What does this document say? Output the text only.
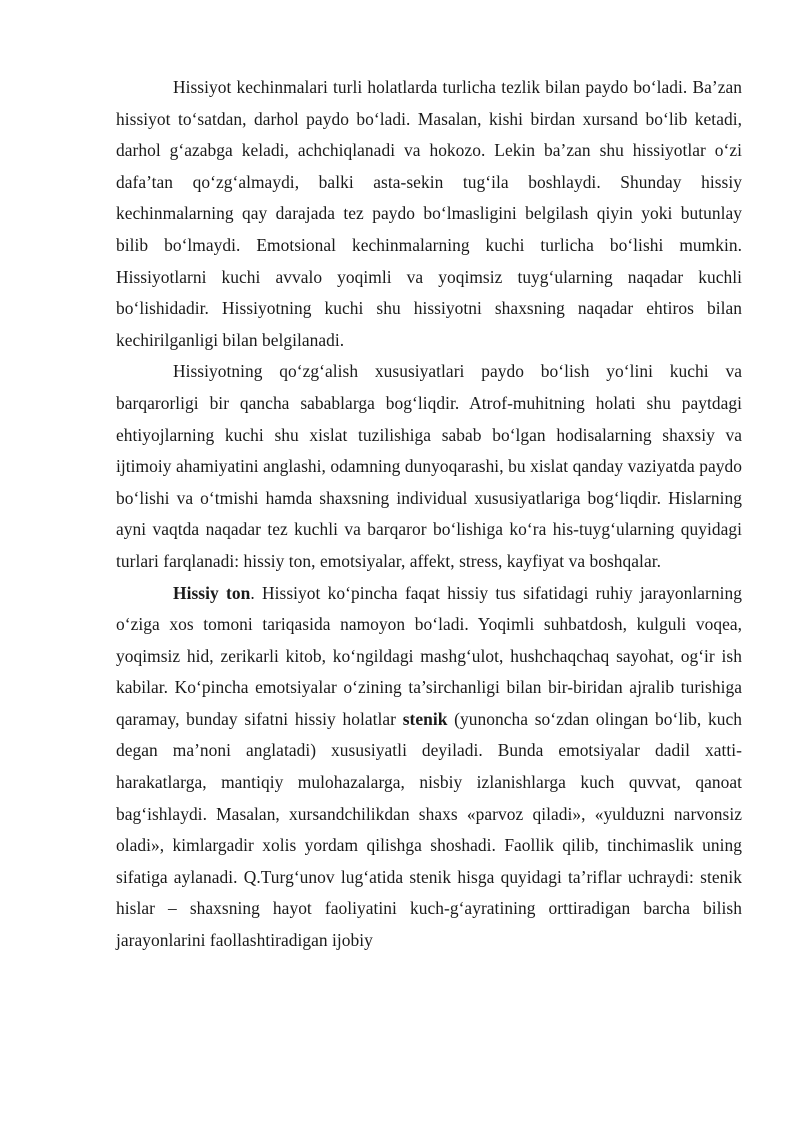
Hissiyot kechinmalari turli holatlarda turlicha tezlik bilan paydo bo‘ladi. Ba’zan hissiyot to‘satdan, darhol paydo bo‘ladi. Masalan, kishi birdan xursand bo‘lib ketadi, darhol g‘azabga keladi, achchiqlanadi va hokozo. Lekin ba’zan shu hissiyotlar o‘zi dafa’tan qo‘zg‘almaydi, balki asta-sekin tug‘ila boshlaydi. Shunday hissiy kechinmalarning qay darajada tez paydo bo‘lmasligini belgilash qiyin yoki butunlay bilib bo‘lmaydi. Emotsional kechinmalarning kuchi turlicha bo‘lishi mumkin. Hissiyotlarni kuchi avvalo yoqimli va yoqimsiz tuyg‘ularning naqadar kuchli bo‘lishidadir. Hissiyotning kuchi shu hissiyotni shaxsning naqadar ehtiros bilan kechirilganligi bilan belgilanadi.

Hissiyotning qo‘zg‘alish xususiyatlari paydo bo‘lish yo‘lini kuchi va barqarorligi bir qancha sabablarga bog‘liqdir. Atrof-muhitning holati shu paytdagi ehtiyojlarning kuchi shu xislat tuzilishiga sabab bo‘lgan hodisalarning shaxsiy va ijtimoiy ahamiyatini anglashi, odamning dunyoqarashi, bu xislat qanday vaziyatda paydo bo‘lishi va o‘tmishi hamda shaxsning individual xususiyatlariga bog‘liqdir. Hislarning ayni vaqtda naqadar tez kuchli va barqaror bo‘lishiga ko‘ra his-tuyg‘ularning quyidagi turlari farqlanadi: hissiy ton, emotsiyalar, affekt, stress, kayfiyat va boshqalar.

Hissiy ton. Hissiyot ko‘pincha faqat hissiy tus sifatidagi ruhiy jarayonlarning o‘ziga xos tomoni tariqasida namoyon bo‘ladi. Yoqimli suhbatdosh, kulguli voqea, yoqimsiz hid, zerikarli kitob, ko‘ngildagi mashg‘ulot, hushchaqchaq sayohat, og‘ir ish kabilar. Ko‘pincha emotsiyalar o‘zining ta’sirchanligi bilan bir-biridan ajralib turishiga qaramay, bunday sifatni hissiy holatlar stenik (yunoncha so‘zdan olingan bo‘lib, kuch degan ma’noni anglatadi) xususiyatli deyiladi. Bunda emotsiyalar dadil xatti-harakatlarga, mantiqiy mulohazalarga, nisbiy izlanishlarga kuch quvvat, qanoat bag‘ishlaydi. Masalan, xursandchilikdan shaxs «parvoz qiladi», «yulduzni narvonsiz oladi», kimlargadir xolis yordam qilishga shoshadi. Faollik qilib, tinchimaslik uning sifatiga aylanadi. Q.Turg‘unov lug‘atida stenik hisga quyidagi ta’riflar uchraydi: stenik hislar – shaxsning hayot faoliyatini kuch-g‘ayratining orttiradigan barcha bilish jarayonlarini faollashtiradigan ijobiy
